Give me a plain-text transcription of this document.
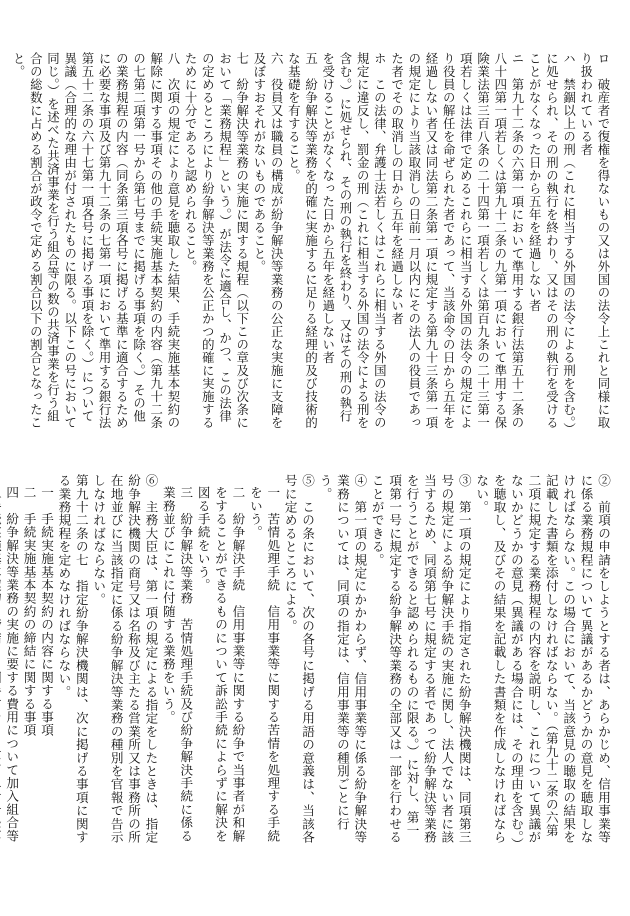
ロ　破産者で復権を得ないもの又は外国の法令上これと同様に取り扱われている者
ハ　禁錮以上の刑（これに相当する外国の法令による刑を含む。）に処せられ、その刑の執行を終わり、又はその刑の執行を受けることがなくなった日から五年を経過しない者
ニ　第九十二条の六第一項において準用する銀行法第五十二条の八十四第一項若しくは第九十二条の九第一項において準用する保険業法第三百八条の二十四第一項若しくは第百九条の二十三第一項若しくは法律で定めるこれらに相当する外国の法令の規定により役員の解任を命ぜられた者であって、当該命令の日から五年を経過しない者又は同法第二条第一項に規定する第九十三条第一項の規定により当該取消しの日前一月以内にその法人の役員であった者でその取消しの日から五年を経過しない者
ホ　この法律、弁護士法若しくはこれらに相当する外国の法令の規定に違反し、罰金の刑（これに相当する外国の法令による刑を含む。）に処せられ、その刑の執行を終わり、又はその刑の執行を受けることがなくなった日から五年を経過しない者
五　紛争解決等業務を的確に実施するに足りる経理的及び技術的な基礎を有すること。
六　役員又は職員の構成が紛争解決等業務の公正な実施に支障を及ぼすおそれがないものであること。
七　紛争解決等業務の実施に関する規程（以下この章及び次条において「業務規程」という。）が法令に適合し、かつ、この法律の定めるところにより紛争解決等業務を公正かつ的確に実施するために十分であると認められること。
八　次項の規定により意見を聴取した結果、手続実施基本契約の解除に関する事項その他の手続実施基本契約の内容（第九十二条の七第二項第一号から第七号までに掲げる事項を除く。）その他の業務規程の内容（同条第三項各号に掲げる基準に適合するために必要な事項及び第九十二条の七第一項において準用する銀行法第五十二条の六十七第一項各号に掲げる事項を除く。）について異議（合理的な理由が付されたものに限る。以下この号において同じ。）を述べた共済事業を行う組合等の数の共済事業を行う組合の総数に占める割合が政令で定める割合以下の割合となったこと。
②　前項の申請をしようとする者は、あらかじめ、信用事業等に係る業務規程について異議があるかどうかの意見を聴取しなければならない。この場合において、当該意見の聴取の結果を記載した書類を添付しなければならない。（第九十二条の六第二項に規定する業務規程の内容を説明し、これについて異議がないかどうかの意見（異議がある場合には、その理由を含む。）を聴取し、及びその結果を記載した書類を作成しなければならない。
③　第一項の規定により指定された紛争解決機関は、同項第三号の規定による紛争解決手続の実施に関し、法人でない者に該当するため、同項第七号に規定する者であって紛争解決等業務を行うことができると認められるものに限る。）に対し、第一項第一号に規定する紛争解決等業務の全部又は一部を行わせることができる。
④　第一項の規定にかかわらず、信用事業等に係る紛争解決等業務については、同項の指定は、信用事業等の種別ごとに行う。
⑤　この条において、次の各号に掲げる用語の意義は、当該各号に定めるところによる。
一　苦情処理手続　信用事業等に関する苦情を処理する手続をいう。
二　紛争解決手続　信用事業等に関する紛争で当事者が和解をすることができるものについて訴訟手続によらずに解決を図る手続をいう。
三　紛争解決等業務　苦情処理手続及び紛争解決手続に係る業務並びにこれに付随する業務をいう。
⑥　主務大臣は、第一項の規定による指定をしたときは、指定紛争解決機関の商号又は名称及び主たる営業所又は事務所の所在地並びに当該指定に係る紛争解決等業務の種別を官報で告示しなければならない。
第九十二条の七　指定紛争解決機関は、次に掲げる事項に関する業務規程を定めなければならない。
一　手続実施基本契約の内容に関する事項
二　手続実施基本契約の締結に関する事項
四　紛争解決等業務の実施に要する費用について加入組合等
